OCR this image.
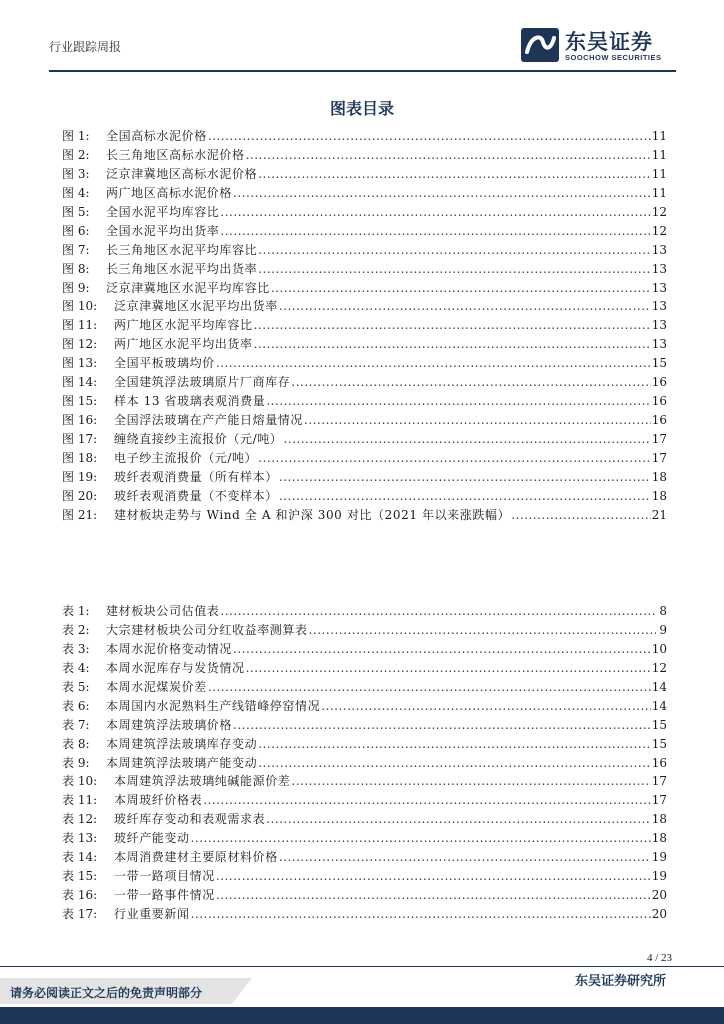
行业跟踪周报	东吴证券
SOOCHOW SECURITIES
图表目录
图 1:	全国高标水泥价格 .....	11
图 2:	长三角地区高标水泥价格 .....	11
图 3:	泛京津冀地区高标水泥价格 .....	11
图 4:	两广地区高标水泥价格 .....	11
图 5:	全国水泥平均库容比 .....	12
图 6:	全国水泥平均出货率 .....	12
图 7:	长三角地区水泥平均库容比 .....	13
图 8:	长三角地区水泥平均出货率 .....	13
图 9:	泛京津冀地区水泥平均库容比 .....	13
图 10:	泛京津冀地区水泥平均出货率 .....	13
图 11:	两广地区水泥平均库容比 .....	13
图 12:	两广地区水泥平均出货率 .....	13
图 13:	全国平板玻璃均价 .....	15
图 14:	全国建筑浮法玻璃原片厂商库存 .....	16
图 15:	样本 13 省玻璃表观消费量 .....	16
图 16:	全国浮法玻璃在产产能日熔量情况 .....	16
图 17:	缠绕直接纱主流报价（元/吨） .....	17
图 18:	电子纱主流报价（元/吨） .....	17
图 19:	玻纤表观消费量（所有样本） .....	18
图 20:	玻纤表观消费量（不变样本） .....	18
图 21:	建材板块走势与 Wind 全 A 和沪深 300 对比（2021 年以来涨跌幅） .....	21
表 1:	建材板块公司估值表 .....	8
表 2:	大宗建材板块公司分红收益率测算表 .....	9
表 3:	本周水泥价格变动情况 .....	10
表 4:	本周水泥库存与发货情况 .....	12
表 5:	本周水泥煤炭价差 .....	14
表 6:	本周国内水泥熟料生产线错峰停窑情况 .....	14
表 7:	本周建筑浮法玻璃价格 .....	15
表 8:	本周建筑浮法玻璃库存变动 .....	15
表 9:	本周建筑浮法玻璃产能变动 .....	16
表 10:	本周建筑浮法玻璃纯碱能源价差 .....	17
表 11:	本周玻纤价格表 .....	17
表 12:	玻纤库存变动和表观需求表 .....	18
表 13:	玻纤产能变动 .....	18
表 14:	本周消费建材主要原材料价格 .....	19
表 15:	一带一路项目情况 .....	19
表 16:	一带一路事件情况 .....	20
表 17:	行业重要新闻 .....	20
4 / 23
请务必阅读正文之后的免责声明部分
东吴证券研究所
